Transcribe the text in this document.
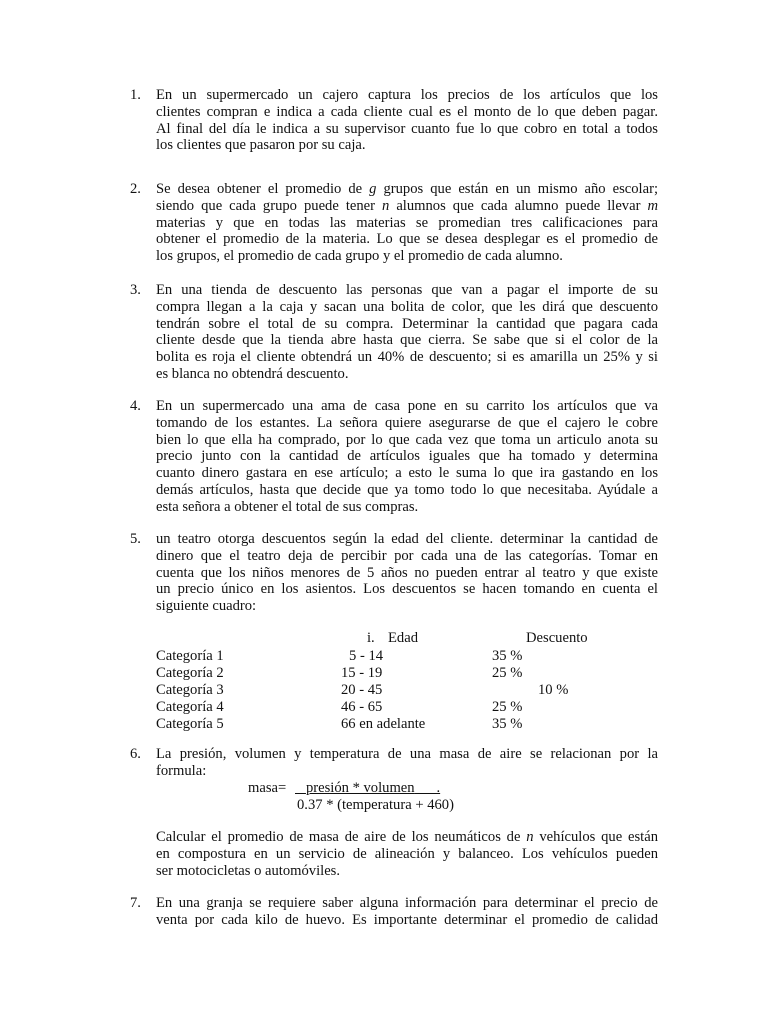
1.	En un supermercado un cajero captura los precios de los artículos que los
clientes compran e indica a cada cliente cual es el monto de lo que deben pagar.
Al final del día le indica a su supervisor cuanto fue lo que cobro en total a todos
los clientes que pasaron por su caja.
2.	Se desea obtener el promedio de g grupos que están en un mismo año escolar;
siendo que cada grupo puede tener n alumnos que cada alumno puede llevar m
materias y que en todas las materias se promedian tres calificaciones para
obtener el promedio de la materia. Lo que se desea desplegar es el promedio de
los grupos, el promedio de cada grupo y el promedio de cada alumno.
3.	En una tienda de descuento las personas que van a pagar el importe de su
compra llegan a la caja y sacan una bolita de color, que les dirá que descuento
tendrán sobre el total de su compra. Determinar la cantidad que pagara cada
cliente desde que la tienda abre hasta que cierra. Se sabe que si el color de la
bolita es roja el cliente obtendrá un 40% de descuento; si es amarilla un 25% y si
es blanca no obtendrá descuento.
4.	En un supermercado una ama de casa pone en su carrito los artículos que va
tomando de los estantes. La señora quiere asegurarse de que el cajero le cobre
bien lo que ella ha comprado, por lo que cada vez que toma un articulo anota su
precio junto con la cantidad de artículos iguales que ha tomado y determina
cuanto dinero gastara en ese artículo; a esto le suma lo que ira gastando en los
demás artículos, hasta que decide que ya tomo todo lo que necesitaba. Ayúdale a
esta señora a obtener el total de sus compras.
5.	un teatro otorga descuentos según la edad del cliente. determinar la cantidad de
dinero que el teatro deja de percibir por cada una de las categorías. Tomar en
cuenta que los niños menores de 5 años no pueden entrar al teatro y que existe
un precio único en los asientos. Los descuentos se hacen tomando en cuenta el
siguiente cuadro:
i. Edad	Descuento
Categoría 1	5 - 14	35 %
Categoría 2	15 - 19	25 %
Categoría 3	20 - 45	10 %
Categoría 4	46 - 65	25 %
Categoría 5	66 en adelante	35 %
6.	La presión, volumen y temperatura de una masa de aire se relacionan por la
formula:
masa=	presión * volumen .
0.37 * (temperatura + 460)
Calcular el promedio de masa de aire de los neumáticos de n vehículos que están
en compostura en un servicio de alineación y balanceo. Los vehículos pueden
ser motocicletas o automóviles.
7.	En una granja se requiere saber alguna información para determinar el precio de
venta por cada kilo de huevo. Es importante determinar el promedio de calidad
